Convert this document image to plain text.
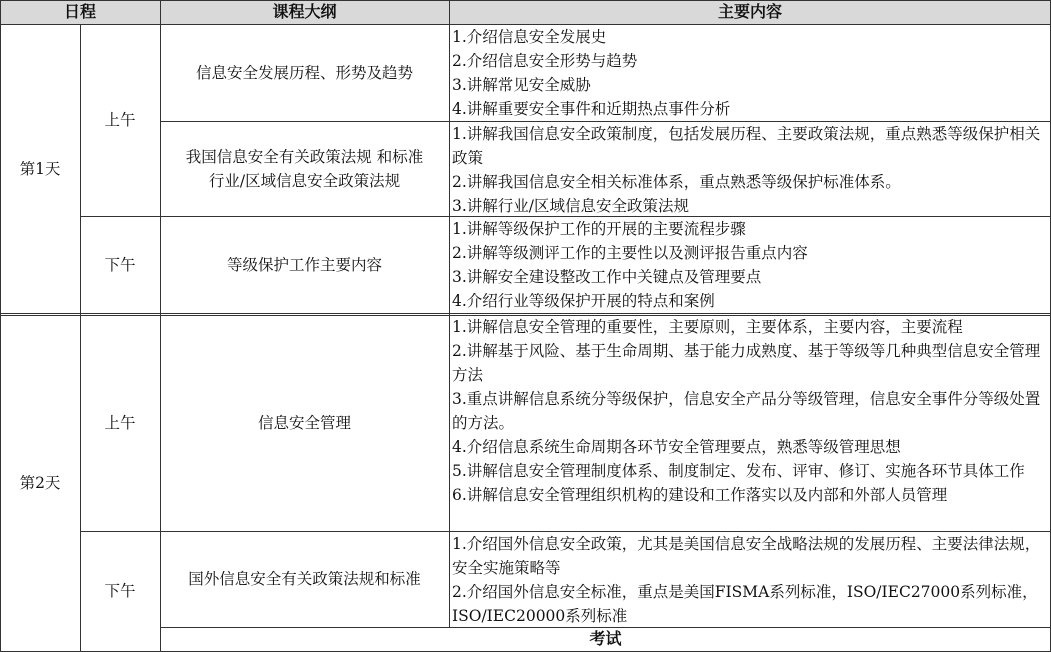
日程	课程大纲	主要内容
第1天
上午
下午
信息安全发展历程、形势及趋势
我国信息安全有关政策法规 和标准
行业/区域信息安全政策法规
等级保护工作主要内容
1.介绍信息安全发展史
2.介绍信息安全形势与趋势
3.讲解常见安全威胁
4.讲解重要安全事件和近期热点事件分析
1.讲解我国信息安全政策制度，包括发展历程、主要政策法规，重点熟悉等级保护相关政策
2.讲解我国信息安全相关标准体系，重点熟悉等级保护标准体系。
3.讲解行业/区域信息安全政策法规
1.讲解等级保护工作的开展的主要流程步骤
2.讲解等级测评工作的主要性以及测评报告重点内容
3.讲解安全建设整改工作中关键点及管理要点
4.介绍行业等级保护开展的特点和案例
第2天
上午
下午
信息安全管理
国外信息安全有关政策法规和标准
1.讲解信息安全管理的重要性，主要原则，主要体系，主要内容，主要流程
2.讲解基于风险、基于生命周期、基于能力成熟度、基于等级等几种典型信息安全管理方法
3.重点讲解信息系统分等级保护，信息安全产品分等级管理，信息安全事件分等级处置的方法。
4.介绍信息系统生命周期各环节安全管理要点，熟悉等级管理思想
5.讲解信息安全管理制度体系、制度制定、发布、评审、修订、实施各环节具体工作
6.讲解信息安全管理组织机构的建设和工作落实以及内部和外部人员管理
1.介绍国外信息安全政策，尤其是美国信息安全战略法规的发展历程、主要法律法规，安全实施策略等
2.介绍国外信息安全标准，重点是美国FISMA系列标准，ISO/IEC27000系列标准，ISO/IEC20000系列标准
考试
